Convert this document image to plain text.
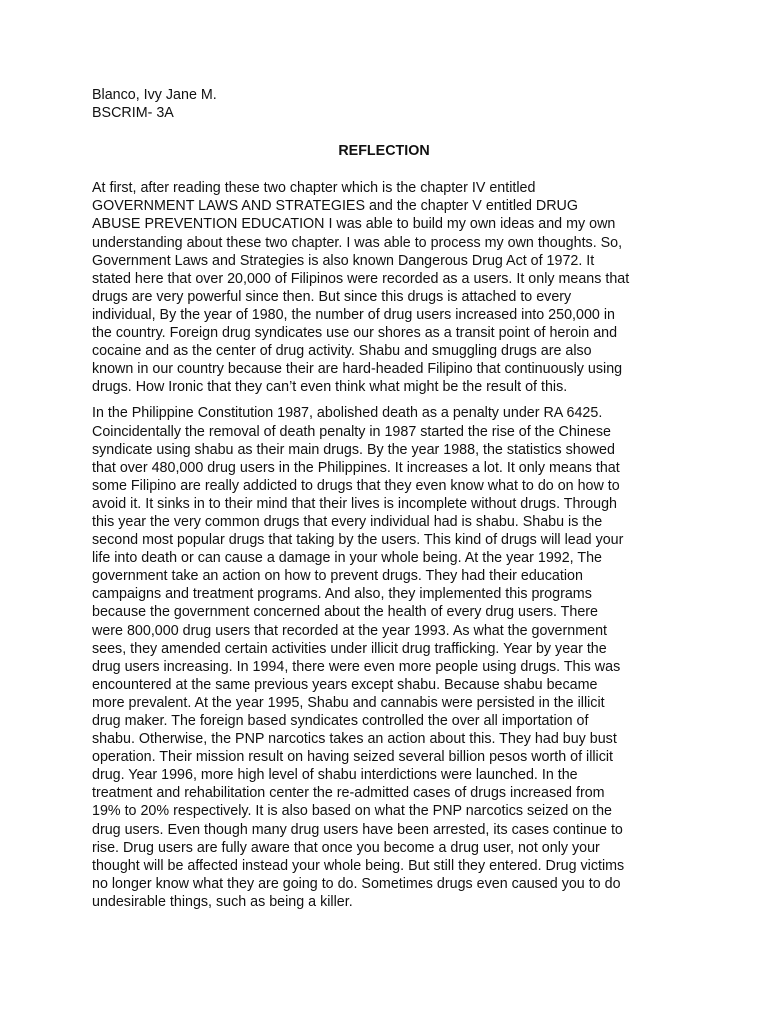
Blanco, Ivy Jane M.

BSCRIM- 3A

REFLECTION

At first, after reading these two chapter which is the chapter IV entitled
GOVERNMENT LAWS AND STRATEGIES and the chapter V entitled DRUG
ABUSE PREVENTION EDUCATION I was able to build my own ideas and my own
understanding about these two chapter. I was able to process my own thoughts. So,
Government Laws and Strategies is also known Dangerous Drug Act of 1972. It
stated here that over 20,000 of Filipinos were recorded as a users. It only means that
drugs are very powerful since then. But since this drugs is attached to every
individual, By the year of 1980, the number of drug users increased into 250,000 in
the country. Foreign drug syndicates use our shores as a transit point of heroin and
cocaine and as the center of drug activity. Shabu and smuggling drugs are also
known in our country because their are hard-headed Filipino that continuously using
drugs. How Ironic that they can’t even think what might be the result of this.

In the Philippine Constitution 1987, abolished death as a penalty under RA 6425.
Coincidentally the removal of death penalty in 1987 started the rise of the Chinese
syndicate using shabu as their main drugs. By the year 1988, the statistics showed
that over 480,000 drug users in the Philippines. It increases a lot. It only means that
some Filipino are really addicted to drugs that they even know what to do on how to
avoid it. It sinks in to their mind that their lives is incomplete without drugs. Through
this year the very common drugs that every individual had is shabu. Shabu is the
second most popular drugs that taking by the users. This kind of drugs will lead your
life into death or can cause a damage in your whole being. At the year 1992, The
government take an action on how to prevent drugs. They had their education
campaigns and treatment programs. And also, they implemented this programs
because the government concerned about the health of every drug users. There
were 800,000 drug users that recorded at the year 1993. As what the government
sees, they amended certain activities under illicit drug trafficking. Year by year the
drug users increasing. In 1994, there were even more people using drugs. This was
encountered at the same previous years except shabu. Because shabu became
more prevalent. At the year 1995, Shabu and cannabis were persisted in the illicit
drug maker. The foreign based syndicates controlled the over all importation of
shabu. Otherwise, the PNP narcotics takes an action about this. They had buy bust
operation. Their mission result on having seized several billion pesos worth of illicit
drug. Year 1996, more high level of shabu interdictions were launched. In the
treatment and rehabilitation center the re-admitted cases of drugs increased from
19% to 20% respectively. It is also based on what the PNP narcotics seized on the
drug users. Even though many drug users have been arrested, its cases continue to
rise. Drug users are fully aware that once you become a drug user, not only your
thought will be affected instead your whole being. But still they entered. Drug victims
no longer know what they are going to do. Sometimes drugs even caused you to do
undesirable things, such as being a killer.
